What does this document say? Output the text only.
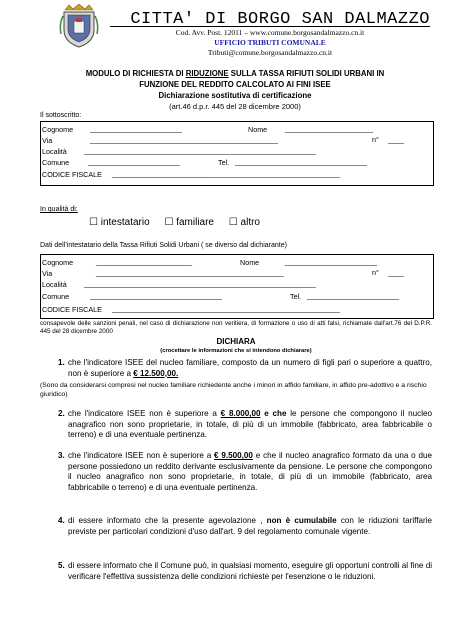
CITTA' DI BORGO SAN DALMAZZO
Cod. Avv. Post. 12011 – www.comune.borgosandalmazzo.cn.it
UFFICIO TRIBUTI COMUNALE
Tributi@comune.borgosandalmazzo.cn.it
MODULO DI RICHIESTA DI RIDUZIONE SULLA TASSA RIFIUTI SOLIDI URBANI IN
FUNZIONE DEL REDDITO CALCOLATO AI FINI ISEE
Dichiarazione sostitutiva di certificazione
(art.46 d.p.r. 445 del 28 dicembre 2000)
Il sottoscritto:
Cognome _______________________	Nome ______________________
Via	_______________________________________________	n° ____
Località __________________________________________________________
Comune	_______________________	Tel. _________________________________
CODICE FISCALE _________________________________________________________
In qualità di:
☐ intestatario ☐ familiare ☐ altro
Dati dell’intestatario della Tassa Rifiuti Solidi Urbani ( se diverso dal dichiarante)
Cognome	________________________	Nome	_______________________
Via	_______________________________________________	n° ____
Località __________________________________________________________
Comune	_________________________________	Tel. _______________________
CODICE FISCALE _________________________________________________________
consapevole delle sanzioni penali, nel caso di dichiarazione non veritiera, di formazione o uso di atti falsi, richiamate dall'art.76 del D.P.R. 445 del 28 dicembre 2000
DICHIARA
(crocettare le informazioni che si intendono dichiarare)
1. che l'indicatore ISEE del nucleo familiare, composto da un numero di figli pari o superiore a quattro, non è superiore a € 12.500,00.
(Sono da considerarsi compresi nel nucleo familiare richiedente anche i minori in affido familiare, in affido pre-adottivo e a rischio giuridico)
2. che l'indicatore ISEE non è superiore a € 8.000,00 e che le persone che compongono il nucleo anagrafico non sono proprietarie, in totale, di più di un immobile (fabbricato, area fabbricabile o terreno) e di una eventuale pertinenza.
3. che l'indicatore ISEE non è superiore a € 9.500,00 e che il nucleo anagrafico formato da una o due persone possiedono un reddito derivante esclusivamente da pensione. Le persone che compongono il nucleo anagrafico non sono proprietarie, in totale, di più di un immobile (fabbricato, area fabbricabile o terreno) e di una eventuale pertinenza.
4. di essere informato che la presente agevolazione , non è cumulabile con le riduzioni tariffarie previste per particolari condizioni d'uso dall'art. 9 del regolamento comunale vigente.
5. di essere informato che il Comune può, in qualsiasi momento, eseguire gli opportuni controlli al fine di verificare l'effettiva sussistenza delle condizioni richieste per l'esenzione o le riduzioni.
